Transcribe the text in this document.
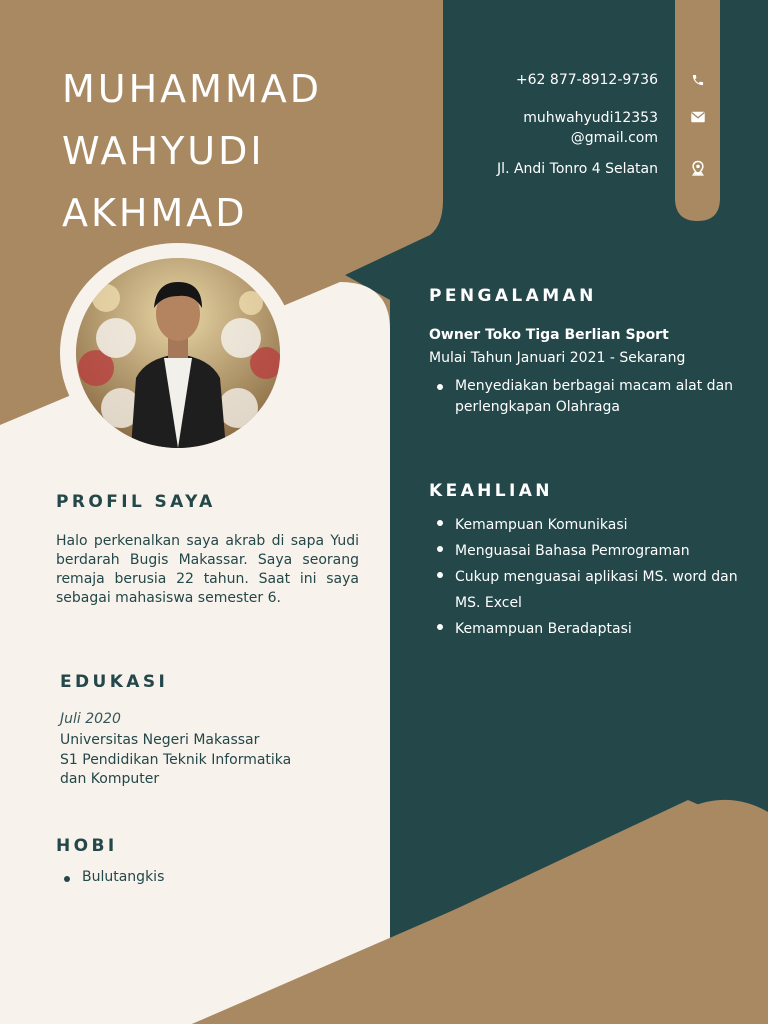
MUHAMMAD
WAHYUDI
AKHMAD
+62 877-8912-9736
muhwahyudi12353
@gmail.com
Jl. Andi Tonro 4 Selatan
PROFIL SAYA

Halo perkenalkan saya akrab di sapa Yudi berdarah Bugis Makassar. Saya seorang remaja berusia 22 tahun. Saat ini saya sebagai mahasiswa semester 6.

EDUKASI
Juli 2020
Universitas Negeri Makassar
S1 Pendidikan Teknik Informatika
dan Komputer
HOBI
Bulutangkis
PENGALAMAN
Owner Toko Tiga Berlian Sport
Mulai Tahun Januari 2021 - Sekarang
Menyediakan berbagai macam alat dan perlengkapan Olahraga
KEAHLIAN
Kemampuan Komunikasi
Menguasai Bahasa Pemrograman
Cukup menguasai aplikasi MS. word dan MS. Excel
Kemampuan Beradaptasi
